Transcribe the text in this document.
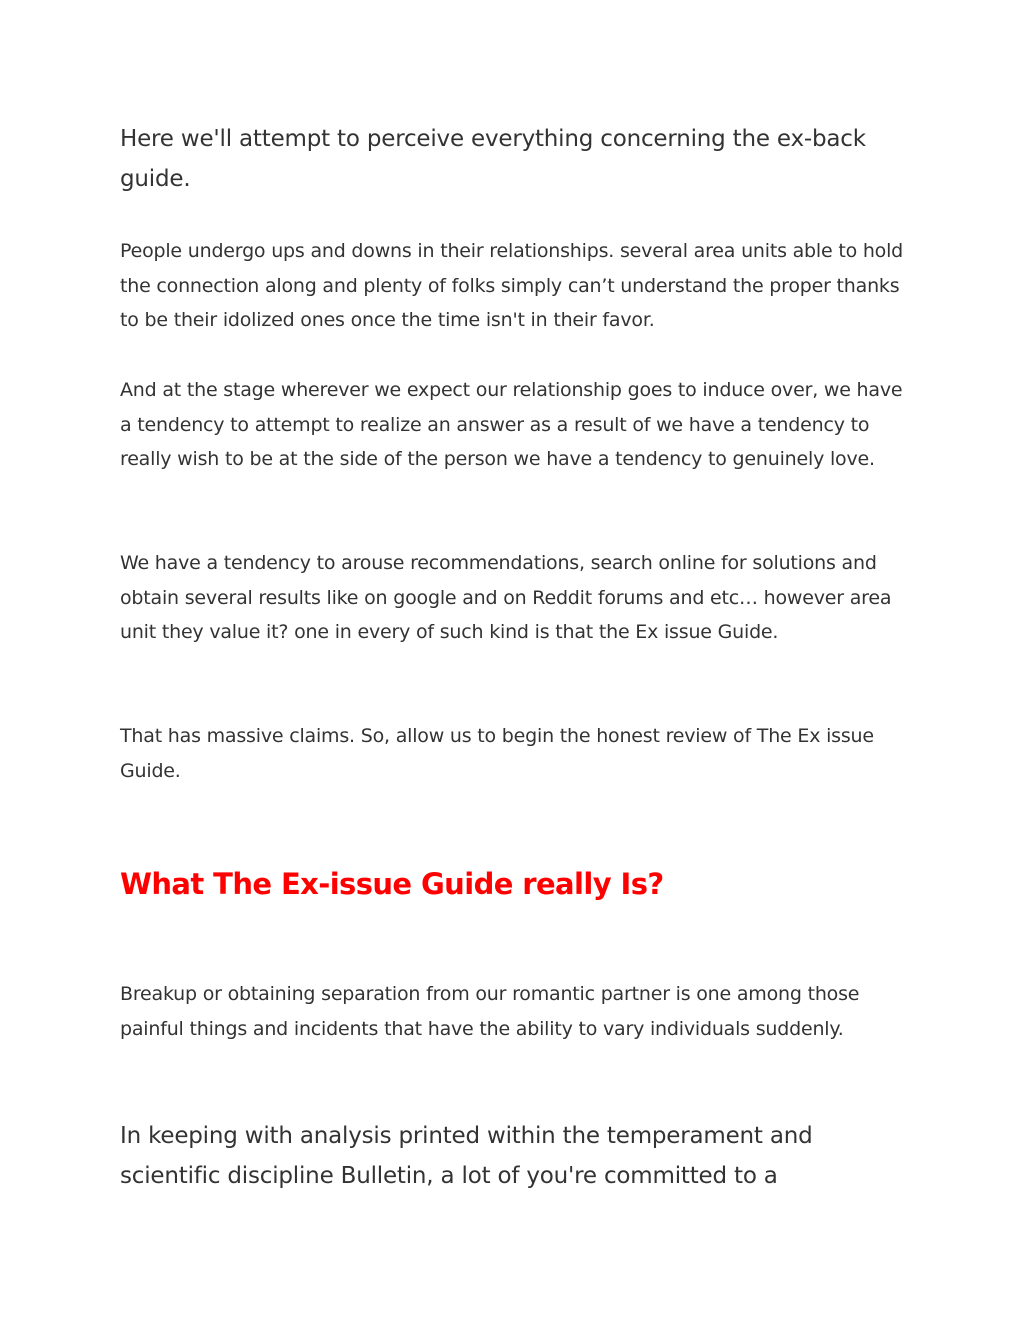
Here we'll attempt to perceive everything concerning the ex-back guide.

People undergo ups and downs in their relationships. several area units able to hold the connection along and plenty of folks simply can’t understand the proper thanks to be their idolized ones once the time isn't in their favor.

And at the stage wherever we expect our relationship goes to induce over, we have a tendency to attempt to realize an answer as a result of we have a tendency to really wish to be at the side of the person we have a tendency to genuinely love.

We have a tendency to arouse recommendations, search online for solutions and obtain several results like on google and on Reddit forums and etc… however area unit they value it? one in every of such kind is that the Ex issue Guide.

That has massive claims. So, allow us to begin the honest review of The Ex issue Guide.

What The Ex-issue Guide really Is?

Breakup or obtaining separation from our romantic partner is one among those painful things and incidents that have the ability to vary individuals suddenly.

In keeping with analysis printed within the temperament and scientific discipline Bulletin, a lot of you're committed to a
